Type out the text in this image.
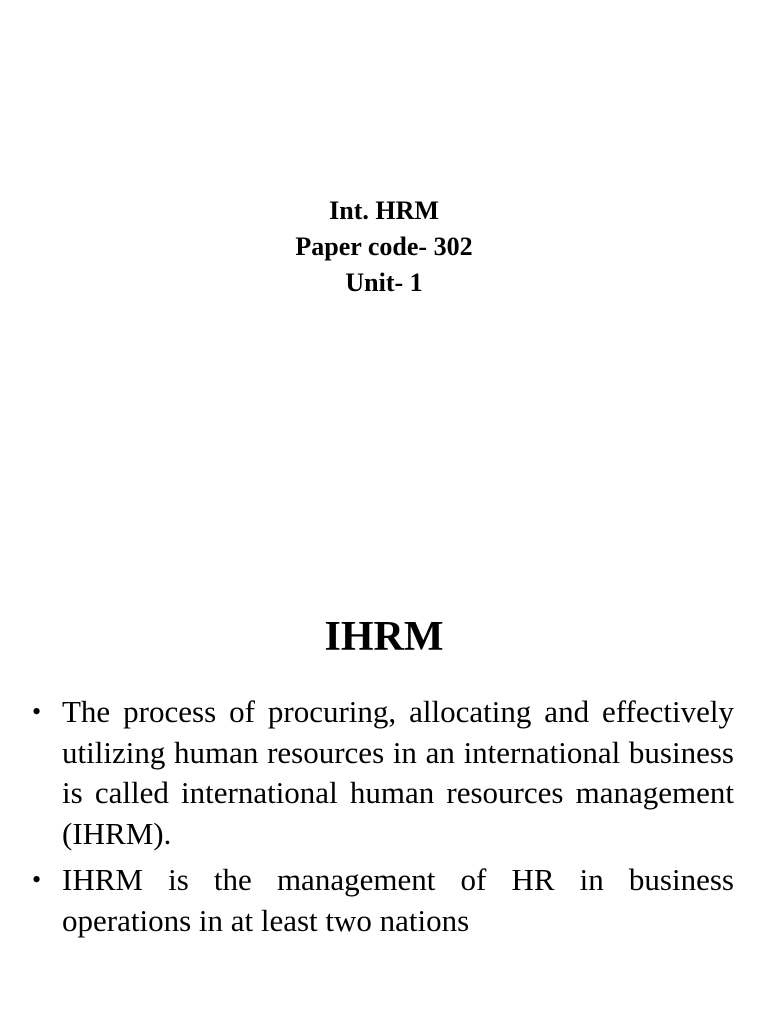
Int. HRM
Paper code- 302
Unit- 1
IHRM
• The process of procuring, allocating and effectively utilizing human resources in an international business is called international human resources management (IHRM).
• IHRM is the management of HR in business operations in at least two nations
